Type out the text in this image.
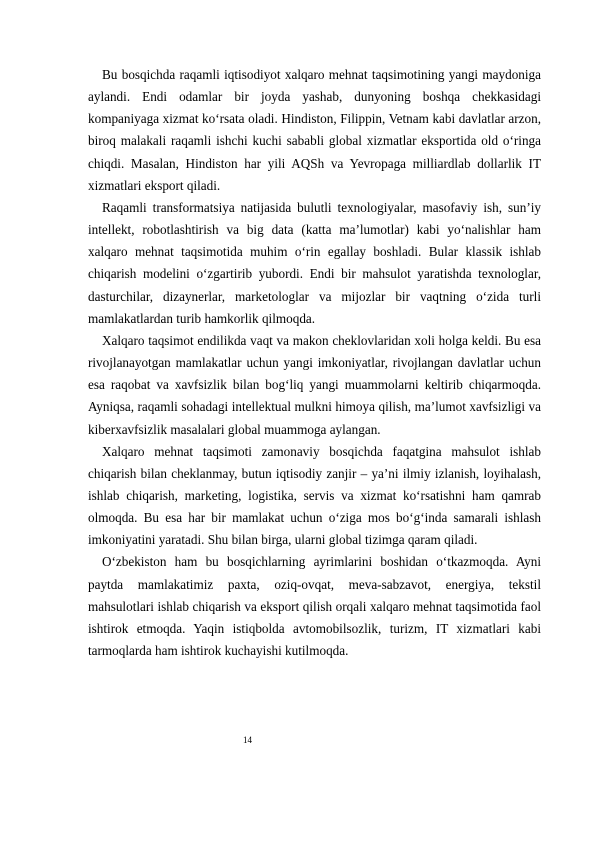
Bu bosqichda raqamli iqtisodiyot xalqaro mehnat taqsimotining yangi maydoniga aylandi. Endi odamlar bir joyda yashab, dunyoning boshqa chekkasidagi kompaniyaga xizmat ko‘rsata oladi. Hindiston, Filippin, Vetnam kabi davlatlar arzon, biroq malakali raqamli ishchi kuchi sababli global xizmatlar eksportida old o‘ringa chiqdi. Masalan, Hindiston har yili AQSh va Yevropaga milliardlab dollarlik IT xizmatlari eksport qiladi.

Raqamli transformatsiya natijasida bulutli texnologiyalar, masofaviy ish, sun’iy intellekt, robotlashtirish va big data (katta ma’lumotlar) kabi yo‘nalishlar ham xalqaro mehnat taqsimotida muhim o‘rin egallay boshladi. Bular klassik ishlab chiqarish modelini o‘zgartirib yubordi. Endi bir mahsulot yaratishda texnologlar, dasturchilar, dizaynerlar, marketologlar va mijozlar bir vaqtning o‘zida turli mamlakatlardan turib hamkorlik qilmoqda.

Xalqaro taqsimot endilikda vaqt va makon cheklovlaridan xoli holga keldi. Bu esa rivojlanayotgan mamlakatlar uchun yangi imkoniyatlar, rivojlangan davlatlar uchun esa raqobat va xavfsizlik bilan bog‘liq yangi muammolarni keltirib chiqarmoqda. Ayniqsa, raqamli sohadagi intellektual mulkni himoya qilish, ma’lumot xavfsizligi va kiberxavfsizlik masalalari global muammoga aylangan.

Xalqaro mehnat taqsimoti zamonaviy bosqichda faqatgina mahsulot ishlab chiqarish bilan cheklanmay, butun iqtisodiy zanjir – ya’ni ilmiy izlanish, loyihalash, ishlab chiqarish, marketing, logistika, servis va xizmat ko‘rsatishni ham qamrab olmoqda. Bu esa har bir mamlakat uchun o‘ziga mos bo‘g‘inda samarali ishlash imkoniyatini yaratadi. Shu bilan birga, ularni global tizimga qaram qiladi.

O‘zbekiston ham bu bosqichlarning ayrimlarini boshidan o‘tkazmoqda. Ayni paytda mamlakatimiz paxta, oziq-ovqat, meva-sabzavot, energiya, tekstil mahsulotlari ishlab chiqarish va eksport qilish orqali xalqaro mehnat taqsimotida faol ishtirok etmoqda. Yaqin istiqbolda avtomobilsozlik, turizm, IT xizmatlari kabi tarmoqlarda ham ishtirok kuchayishi kutilmoqda.

14
